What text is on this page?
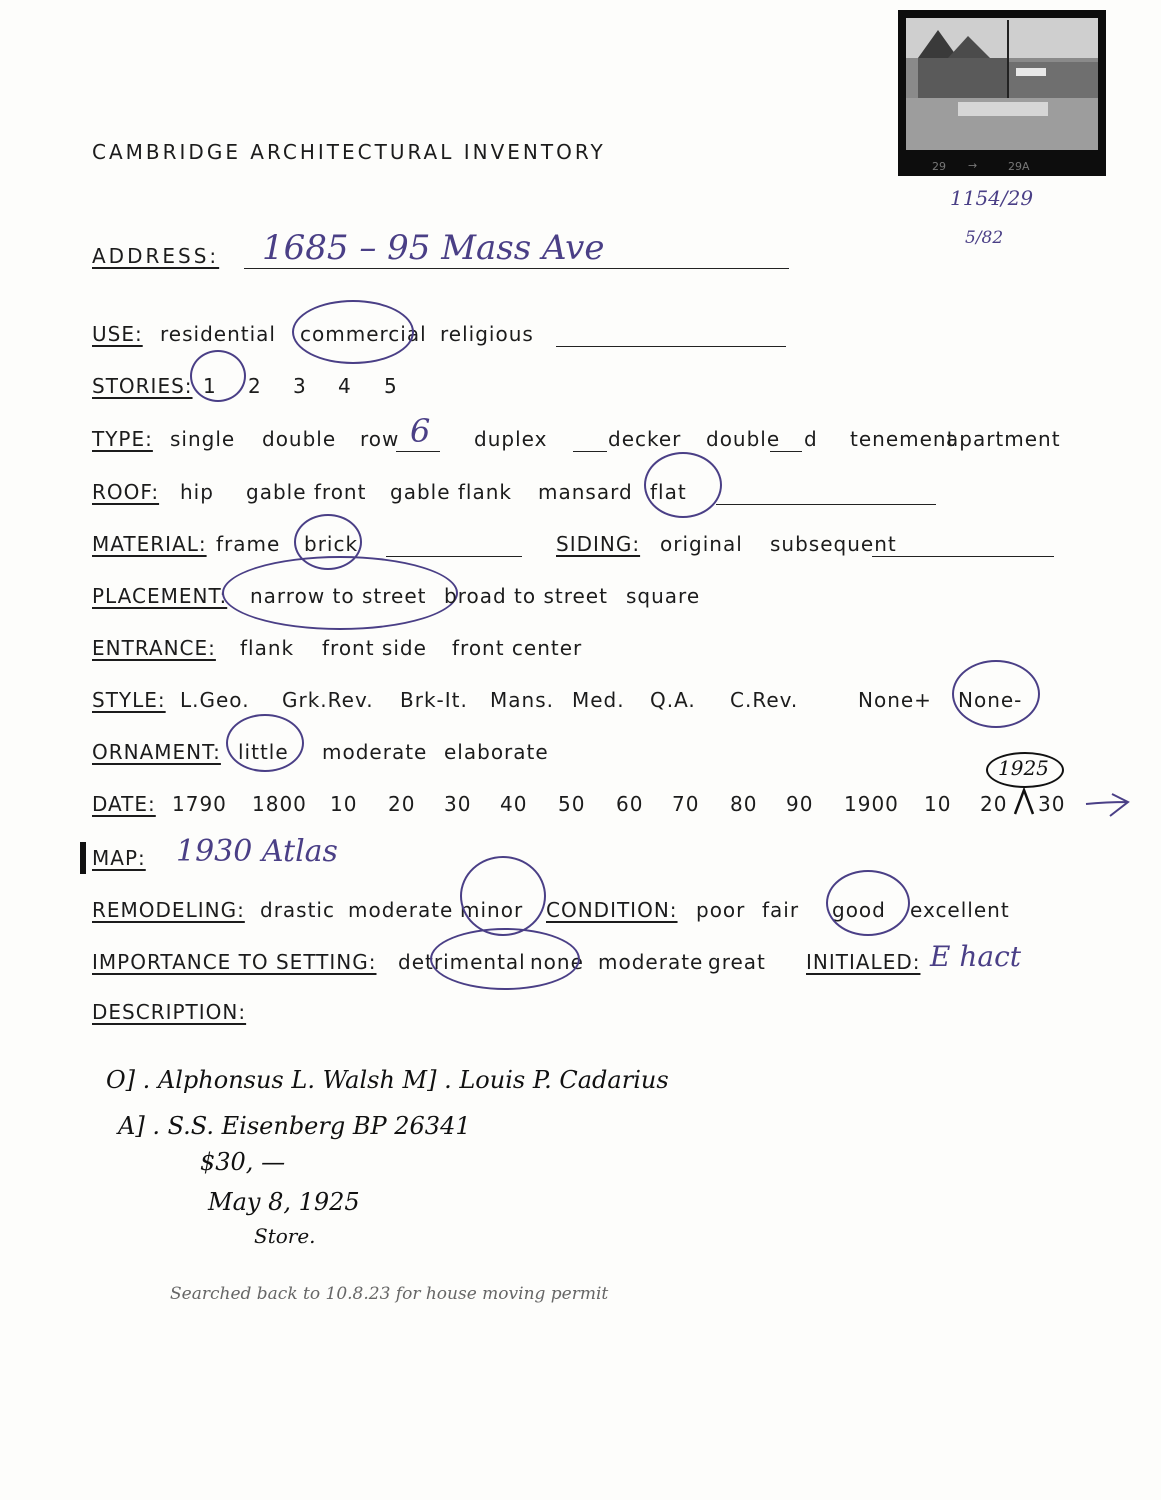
29 →	29A
1154/29
5/82
CAMBRIDGE ARCHITECTURAL INVENTORY
ADDRESS: 1685 – 95 Mass Ave
USE: residential commercial religious
STORIES: 1 2 3 4 5
TYPE: single double row 6 duplex	decker double d tenement
apartment
ROOF: hip gable front gable flank mansard flat
MATERIAL: frame brick	SIDING: original subsequent
PLACEMENT: narrow to street broad to street square
ENTRANCE: flank front side front center
STYLE: L.Geo. Grk.Rev. Brk-It. Mans. Med. Q.A. C.Rev.	None+ None-
ORNAMENT: little moderate elaborate
DATE: 1790 1800 10 20 30 40 50 60 70 80 90 1900 10 20 30
1925
MAP: 1930 Atlas
REMODELING: drastic moderate minor CONDITION: poor fair good excellent
IMPORTANCE TO SETTING: detrimental none moderate great INITIALED: E hact
DESCRIPTION:
O] . Alphonsus L. Walsh M] . Louis P. Cadarius
A] . S.S. Eisenberg BP 26341
$30, —
May 8, 1925
Store.
Searched back to 10.8.23 for house moving permit
